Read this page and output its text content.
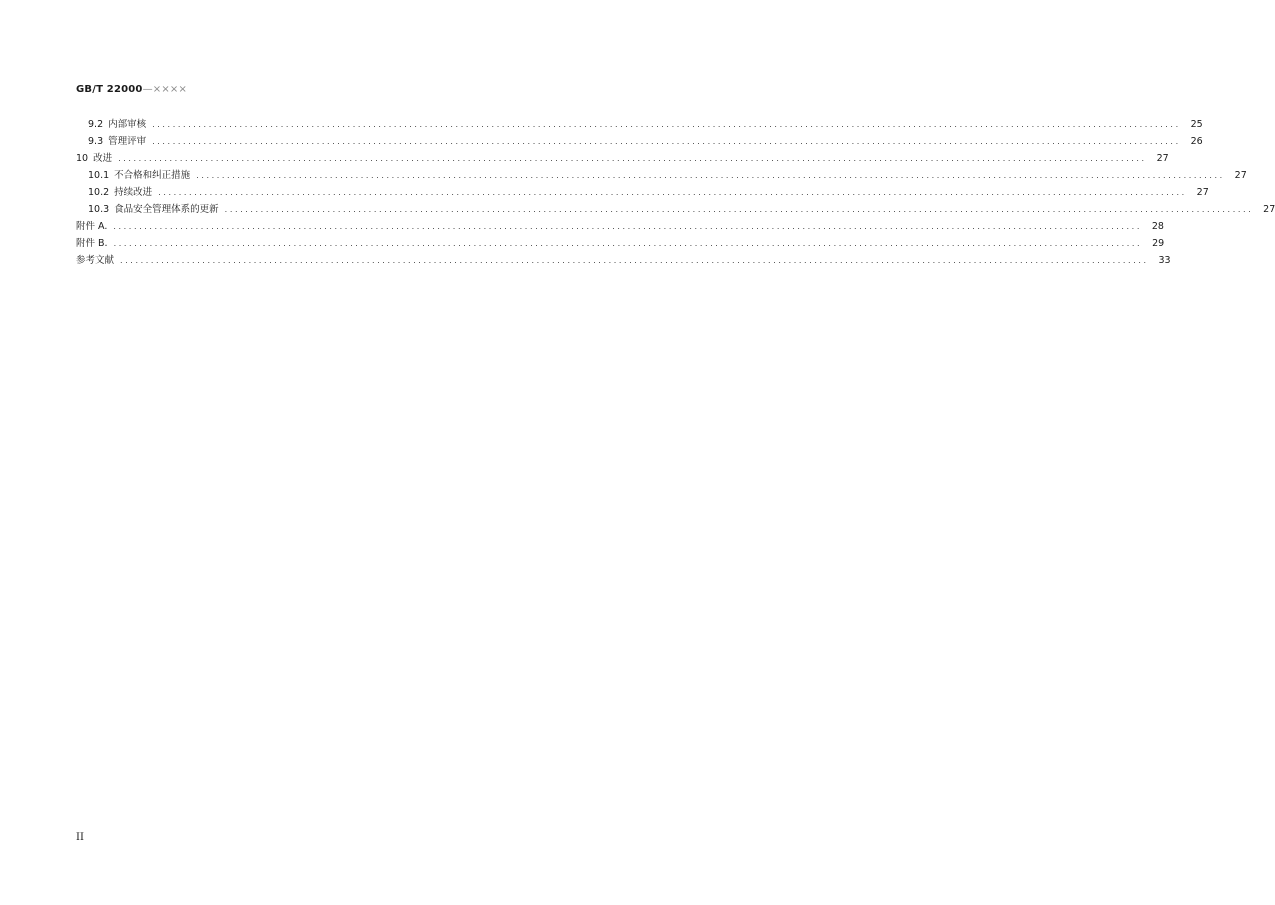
GB/T 22000—××××
9.2 内部审核 ........................................................................................................................................................................................................	25
9.3 管理评审 ........................................................................................................................................................................................................	26
10 改进 ........................................................................................................................................................................................................	27
10.1 不合格和纠正措施 ........................................................................................................................................................................................................	27
10.2 持续改进 ........................................................................................................................................................................................................	27
10.3 食品安全管理体系的更新 ........................................................................................................................................................................................................	27
附件 A. ........................................................................................................................................................................................................	28
附件 B. ........................................................................................................................................................................................................	29
参考文献 ........................................................................................................................................................................................................	33
II
